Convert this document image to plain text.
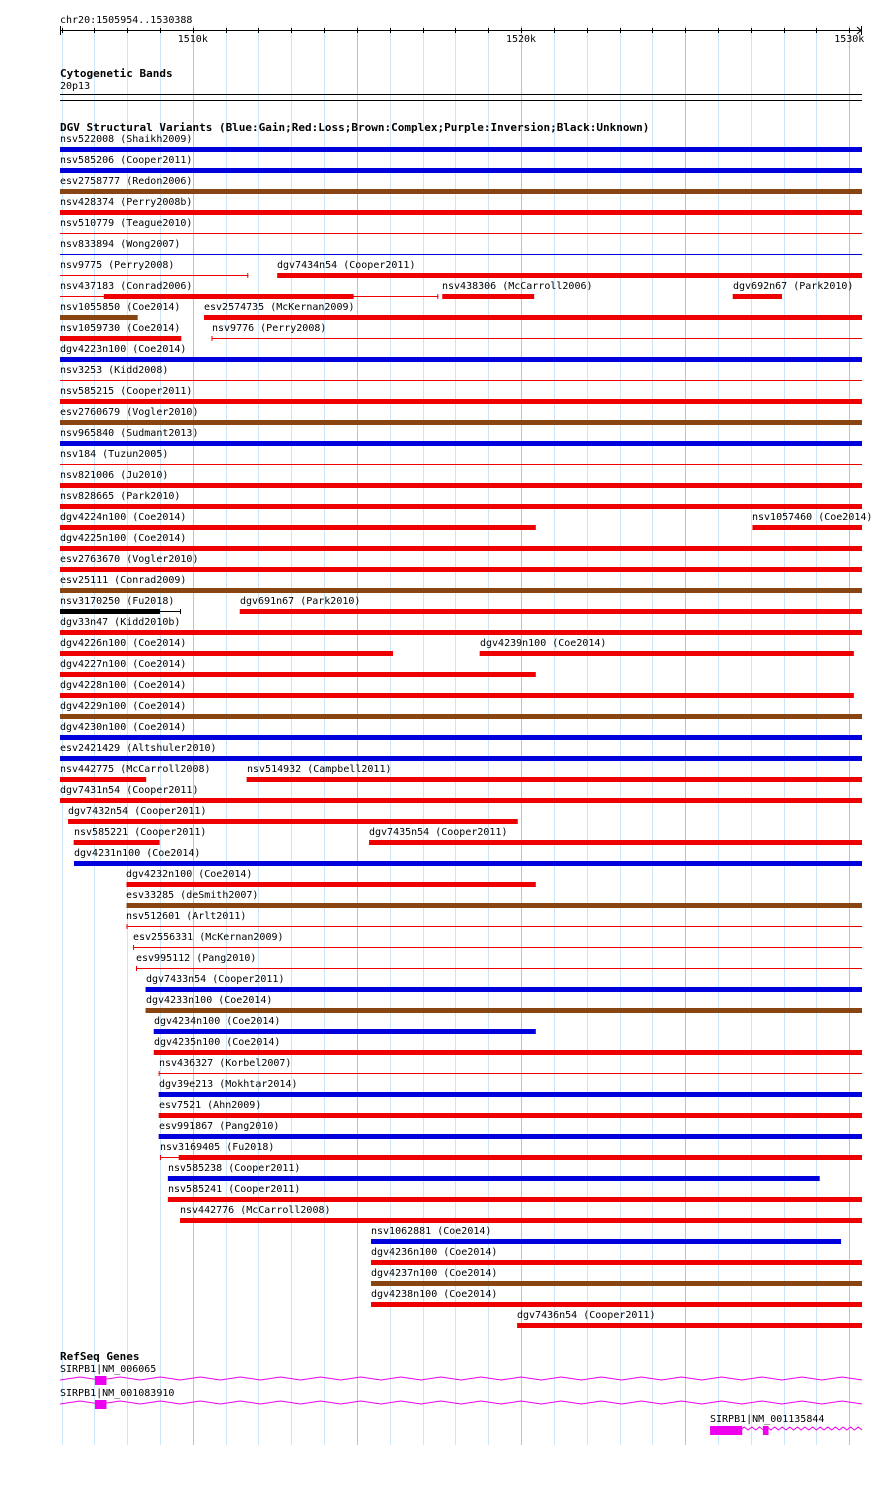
chr20:1505954..1530388
1510k	1520k	1530k
Cytogenetic Bands
20p13
DGV Structural Variants (Blue:Gain;Red:Loss;Brown:Complex;Purple:Inversion;Black:Unknown)
nsv522008 (Shaikh2009)
nsv585206 (Cooper2011)
esv2758777 (Redon2006)
nsv428374 (Perry2008b)
nsv510779 (Teague2010)
nsv833894 (Wong2007)
nsv9775 (Perry2008)	dgv7434n54 (Cooper2011)
nsv437183 (Conrad2006)	nsv438306 (McCarroll2006)	dgv692n67 (Park2010)
nsv1055850 (Coe2014) esv2574735 (McKernan2009)
nsv1059730 (Coe2014)	nsv9776 (Perry2008)
dgv4223n100 (Coe2014)
nsv3253 (Kidd2008)
nsv585215 (Cooper2011)
esv2760679 (Vogler2010)
nsv965840 (Sudmant2013)
nsv184 (Tuzun2005)
nsv821006 (Ju2010)
nsv828665 (Park2010)
dgv4224n100 (Coe2014)	nsv1057460 (Coe2014)
dgv4225n100 (Coe2014)
esv2763670 (Vogler2010)
esv25111 (Conrad2009)
nsv3170250 (Fu2018)	dgv691n67 (Park2010)
dgv33n47 (Kidd2010b)
dgv4226n100 (Coe2014)	dgv4239n100 (Coe2014)
dgv4227n100 (Coe2014)
dgv4228n100 (Coe2014)
dgv4229n100 (Coe2014)
dgv4230n100 (Coe2014)
esv2421429 (Altshuler2010)
nsv442775 (McCarroll2008)	nsv514932 (Campbell2011)
dgv7431n54 (Cooper2011)
dgv7432n54 (Cooper2011)
nsv585221 (Cooper2011)	dgv7435n54 (Cooper2011)
dgv4231n100 (Coe2014)
dgv4232n100 (Coe2014)
esv33285 (deSmith2007)
nsv512601 (Arlt2011)
esv2556331 (McKernan2009)
esv995112 (Pang2010)
dgv7433n54 (Cooper2011)
dgv4233n100 (Coe2014)
dgv4234n100 (Coe2014)
dgv4235n100 (Coe2014)
nsv436327 (Korbel2007)
dgv39e213 (Mokhtar2014)
esv7521 (Ahn2009)
esv991867 (Pang2010)
nsv3169405 (Fu2018)
nsv585238 (Cooper2011)
nsv585241 (Cooper2011)
nsv442776 (McCarroll2008)
nsv1062881 (Coe2014)
dgv4236n100 (Coe2014)
dgv4237n100 (Coe2014)
dgv4238n100 (Coe2014)
dgv7436n54 (Cooper2011)
RefSeq Genes
SIRPB1|NM_006065
SIRPB1|NM_001083910
SIRPB1|NM_001135844
